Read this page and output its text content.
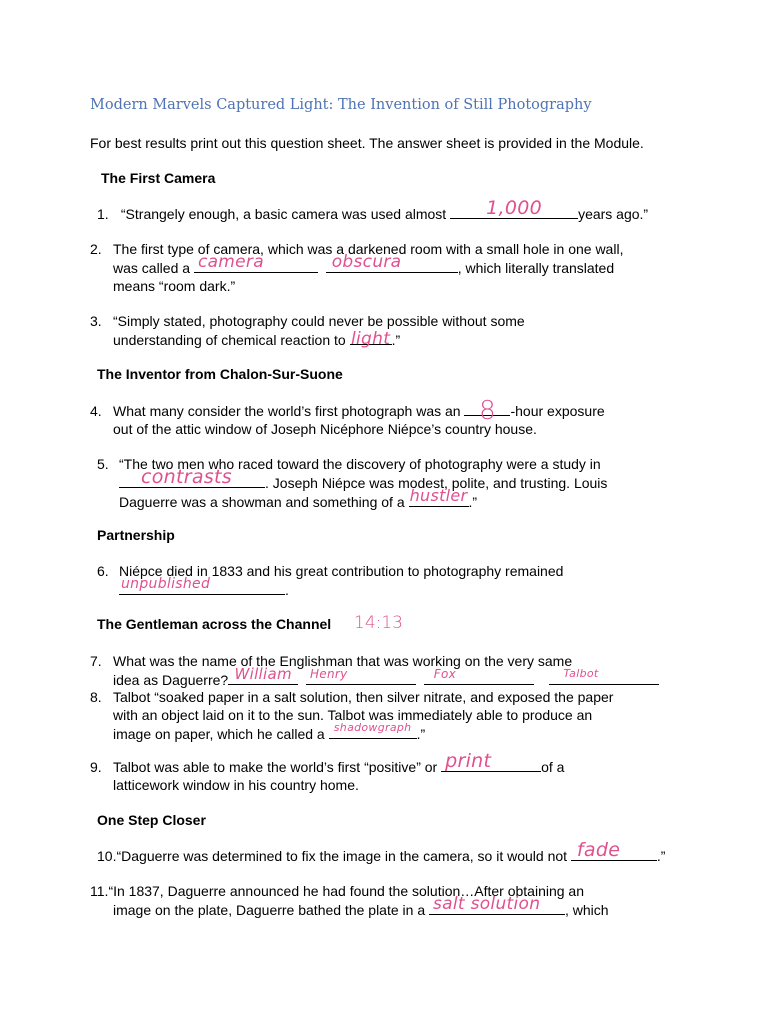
Modern Marvels Captured Light: The Invention of Still Photography
For best results print out this question sheet. The answer sheet is provided in the Module.
The First Camera
1. “Strangely enough, a basic camera was used almost	1,000	years ago.”
2. The first type of camera, which was a darkened room with a small hole in one wall,
was called a camera
	obscura	, which literally translated
means “room dark.”
3. “Simply stated, photography could never be possible without some
understanding of chemical reaction to light .”
The Inventor from Chalon-Sur-Suone
4. What many consider the world’s first photograph was an 8	-hour exposure
out of the attic window of Joseph Nicéphore Niépce’s country house.
5. “The two men who raced toward the discovery of photography were a study in
contrasts	. Joseph Niépce was modest, polite, and trusting. Louis
Daguerre was a showman and something of a hustler .”
Partnership
6. Niépce died in 1833 and his great contribution to photography remained
unpublished	.
The Gentleman across the Channel 14:13
7. What was the name of the Englishman that was working on the very same
idea as Daguerre? William
	Henry
	Fox
	Talbot
8. Talbot “soaked paper in a salt solution, then silver nitrate, and exposed the paper
with an object laid on it to the sun. Talbot was immediately able to produce an
image on paper, which he called a shadowgraph .”
9. Talbot was able to make the world’s first “positive” or print	of a
latticework window in his country home.
One Step Closer
10.“Daguerre was determined to fix the image in the camera, so it would not fade	.”
11.“In 1837, Daguerre announced he had found the solution…After obtaining an
image on the plate, Daguerre bathed the plate in a salt solution	, which
